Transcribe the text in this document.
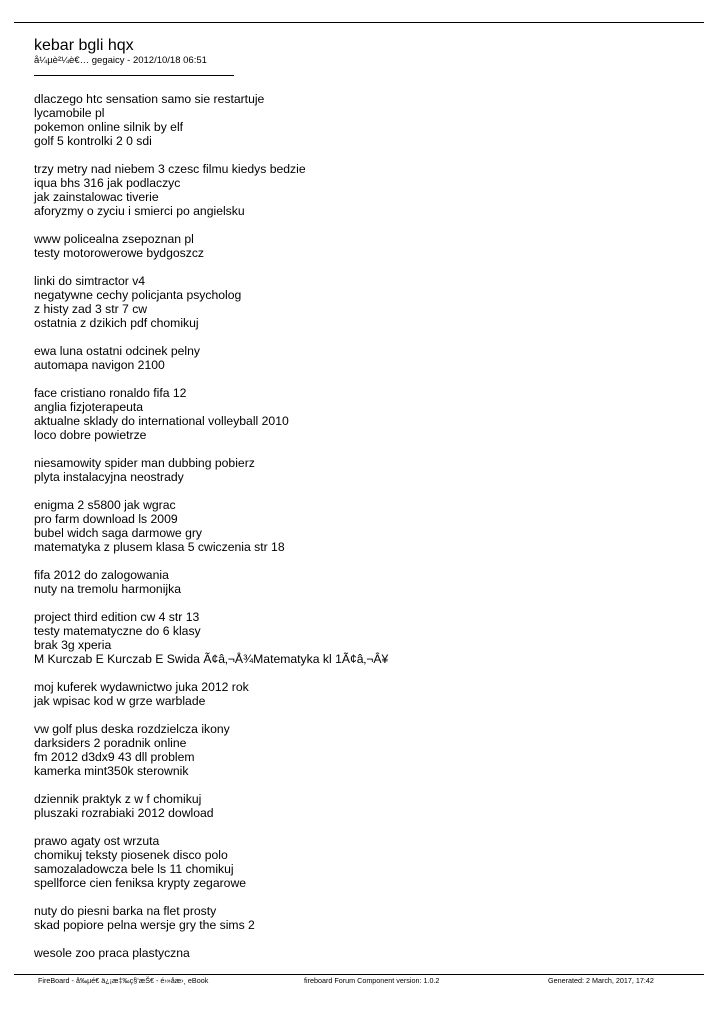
kebar bgli hqx

å¼µè²¼è€… gegaicy - 2012/10/18 06:51

dlaczego htc sensation samo sie restartuje
lycamobile pl
pokemon online silnik by elf
golf 5 kontrolki 2 0 sdi
trzy metry nad niebem 3 czesc filmu kiedys bedzie
iqua bhs 316 jak podlaczyc
jak zainstalowac tiverie
aforyzmy o zyciu i smierci po angielsku
www policealna zsepoznan pl
testy motorowerowe bydgoszcz
linki do simtractor v4
negatywne cechy policjanta psycholog
z histy zad 3 str 7 cw
ostatnia z dzikich pdf chomikuj
ewa luna ostatni odcinek pelny
automapa navigon 2100
face cristiano ronaldo fifa 12
anglia fizjoterapeuta
aktualne sklady do international volleyball 2010
loco dobre powietrze
niesamowity spider man dubbing pobierz
plyta instalacyjna neostrady
enigma 2 s5800 jak wgrac
pro farm download ls 2009
bubel widch saga darmowe gry
matematyka z plusem klasa 5 cwiczenia str 18
fifa 2012 do zalogowania
nuty na tremolu harmonijka
project third edition cw 4 str 13
testy matematyczne do 6 klasy
brak 3g xperia
M Kurczab E Kurczab E Swida Ã¢â‚¬Å¾Matematyka kl 1Ã¢â‚¬Â¥
moj kuferek wydawnictwo juka 2012 rok
jak wpisac kod w grze warblade
vw golf plus deska rozdzielcza ikony
darksiders 2 poradnik online
fm 2012 d3dx9 43 dll problem
kamerka mint350k sterownik
dziennik praktyk z w f chomikuj
pluszaki rozrabiaki 2012 dowload
prawo agaty ost wrzuta
chomikuj teksty piosenek disco polo
samozaladowcza bele ls 11 chomikuj
spellforce cien feniksa krypty zegarowe
nuty do piesni barka na flet prosty
skad popiore pelna wersje gry the sims 2
wesole zoo praca plastyczna
FireBoard - å‰µé€ ä¿¡æ‡‰ç§‘æŠ€ - é›»åæ›¸ eBook	fireboard Forum Component version: 1.0.2	Generated: 2 March, 2017, 17:42
